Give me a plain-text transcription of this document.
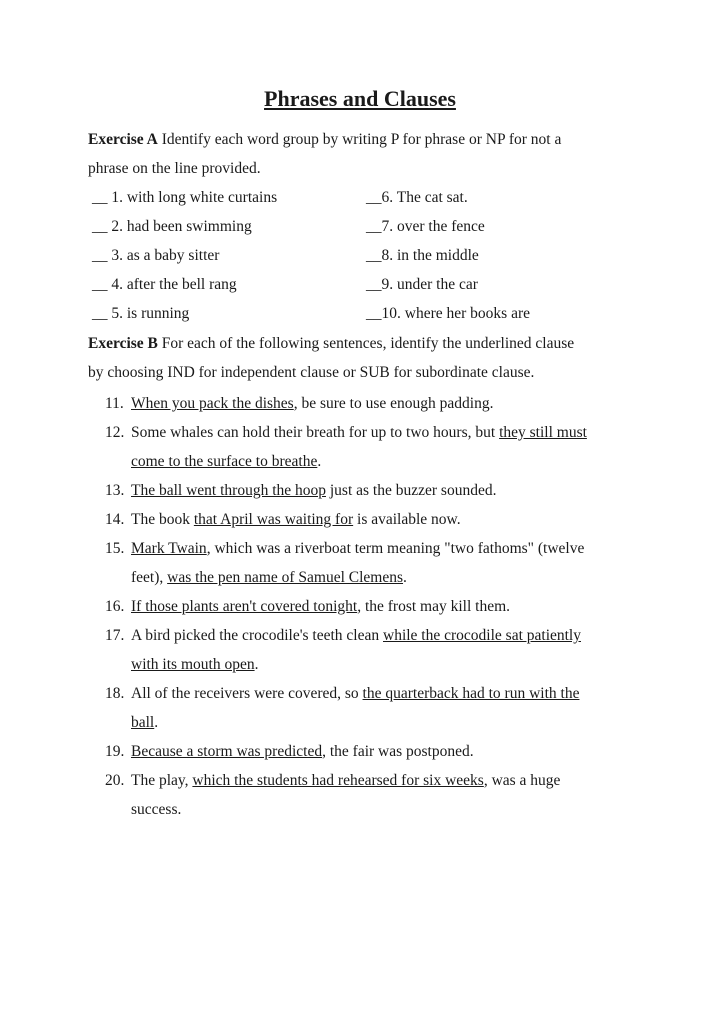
Phrases and Clauses
Exercise A Identify each word group by writing P for phrase or NP for not a
phrase on the line provided.
__ 1. with long white curtains
__ 2. had been swimming
__ 3. as a baby sitter
__ 4. after the bell rang
__ 5. is running
__6. The cat sat.
__7. over the fence
__8. in the middle
__9. under the car
__10. where her books are
Exercise B For each of the following sentences, identify the underlined clause
by choosing IND for independent clause or SUB for subordinate clause.
11. When you pack the dishes, be sure to use enough padding.
12. Some whales can hold their breath for up to two hours, but they still must
come to the surface to breathe.
13. The ball went through the hoop just as the buzzer sounded.
14. The book that April was waiting for is available now.
15. Mark Twain, which was a riverboat term meaning "two fathoms" (twelve
feet), was the pen name of Samuel Clemens.
16. If those plants aren't covered tonight, the frost may kill them.
17. A bird picked the crocodile's teeth clean while the crocodile sat patiently
with its mouth open.
18. All of the receivers were covered, so the quarterback had to run with the
ball.
19. Because a storm was predicted, the fair was postponed.
20. The play, which the students had rehearsed for six weeks, was a huge
success.
